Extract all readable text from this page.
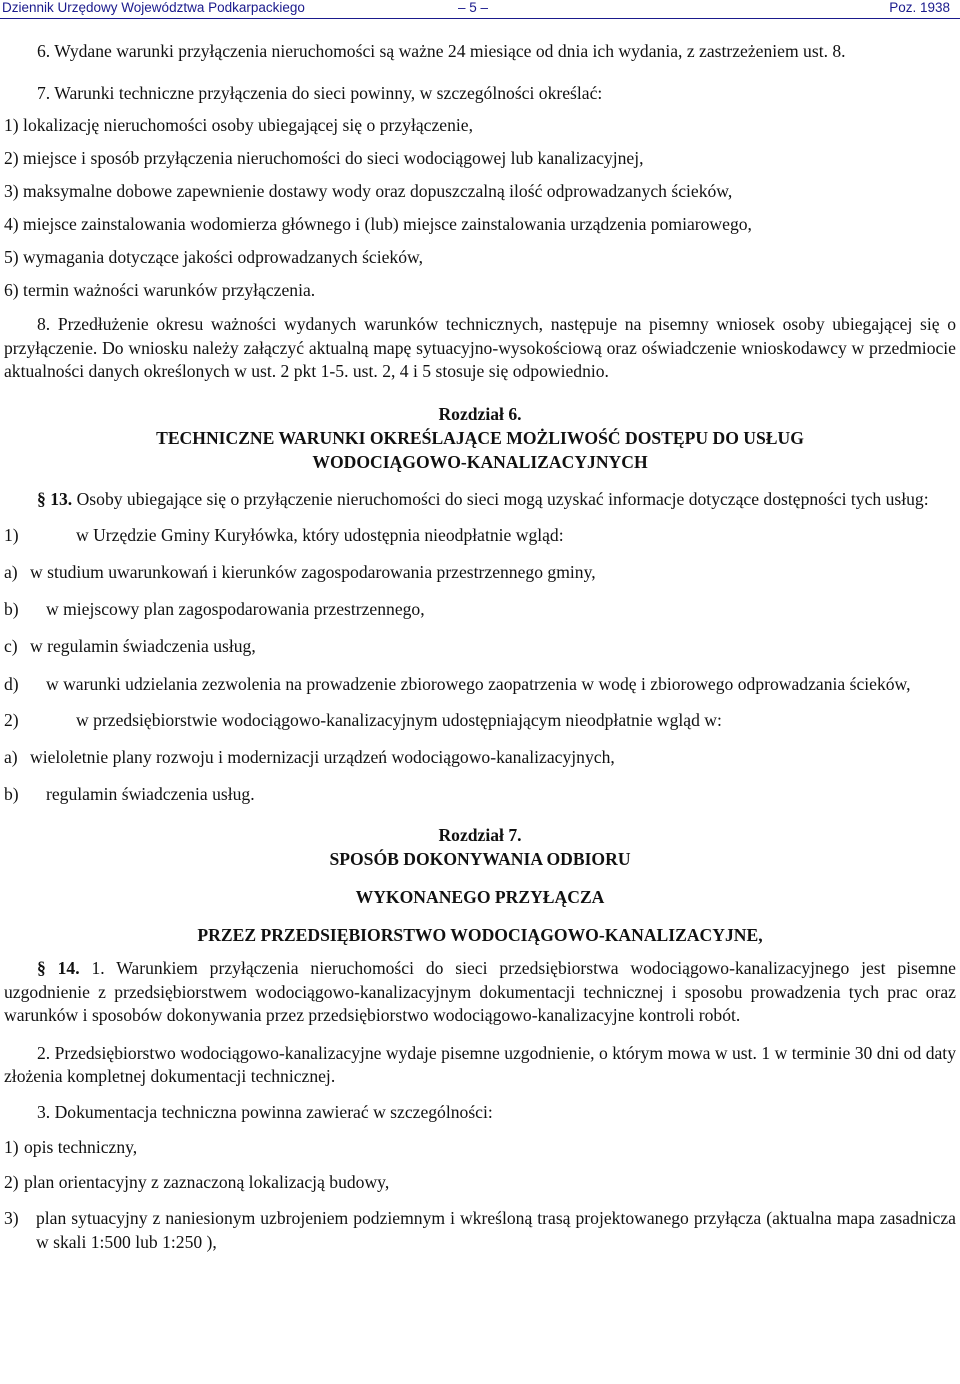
Dziennik Urzędowy Województwa Podkarpackiego	– 5 –	Poz. 1938

6. Wydane warunki przyłączenia nieruchomości są ważne 24 miesiące od dnia ich wydania, z zastrzeżeniem ust. 8.

7. Warunki techniczne przyłączenia do sieci powinny, w szczególności określać:

1) lokalizację nieruchomości osoby ubiegającej się o przyłączenie,

2) miejsce i sposób przyłączenia nieruchomości do sieci wodociągowej lub kanalizacyjnej,

3) maksymalne dobowe zapewnienie dostawy wody oraz dopuszczalną ilość odprowadzanych ścieków,

4) miejsce zainstalowania wodomierza głównego i (lub) miejsce zainstalowania urządzenia pomiarowego,

5) wymagania dotyczące jakości odprowadzanych ścieków,

6) termin ważności warunków przyłączenia.

8. Przedłużenie okresu ważności wydanych warunków technicznych, następuje na pisemny wniosek osoby ubiegającej się o przyłączenie. Do wniosku należy załączyć aktualną mapę sytuacyjno-wysokościową oraz oświadczenie wnioskodawcy w przedmiocie aktualności danych określonych w ust. 2 pkt 1-5. ust. 2, 4 i 5 stosuje się odpowiednio.

Rozdział 6.

TECHNICZNE WARUNKI OKREŚLAJĄCE MOŻLIWOŚĆ DOSTĘPU DO USŁUG

WODOCIĄGOWO-KANALIZACYJNYCH

§ 13. Osoby ubiegające się o przyłączenie nieruchomości do sieci mogą uzyskać informacje dotyczące dostępności tych usług:

1)	w Urzędzie Gminy Kuryłówka, który udostępnia nieodpłatnie wgląd:
a) w studium uwarunkowań i kierunków zagospodarowania przestrzennego gminy,
b)	w miejscowy plan zagospodarowania przestrzennego,
c) w regulamin świadczenia usług,
d)	w warunki udzielania zezwolenia na prowadzenie zbiorowego zaopatrzenia w wodę i zbiorowego odprowadzania ścieków,
2)	w przedsiębiorstwie wodociągowo-kanalizacyjnym udostępniającym nieodpłatnie wgląd w:
a) wieloletnie plany rozwoju i modernizacji urządzeń wodociągowo-kanalizacyjnych,
b)	regulamin świadczenia usług.

Rozdział 7.

SPOSÓB DOKONYWANIA ODBIORU

WYKONANEGO PRZYŁĄCZA

PRZEZ PRZEDSIĘBIORSTWO WODOCIĄGOWO-KANALIZACYJNE,

§ 14. 1. Warunkiem przyłączenia nieruchomości do sieci przedsiębiorstwa wodociągowo-kanalizacyjnego jest pisemne uzgodnienie z przedsiębiorstwem wodociągowo-kanalizacyjnym dokumentacji technicznej i sposobu prowadzenia tych prac oraz warunków i sposobów dokonywania przez przedsiębiorstwo wodociągowo-kanalizacyjne kontroli robót.

2. Przedsiębiorstwo wodociągowo-kanalizacyjne wydaje pisemne uzgodnienie, o którym mowa w ust. 1 w terminie 30 dni od daty złożenia kompletnej dokumentacji technicznej.

3. Dokumentacja techniczna powinna zawierać w szczególności:

1) opis techniczny,
2) plan orientacyjny z zaznaczoną lokalizacją budowy,
3) plan sytuacyjny z naniesionym uzbrojeniem podziemnym i wkreśloną trasą projektowanego przyłącza (aktualna mapa zasadnicza w skali 1:500 lub 1:250 ),
